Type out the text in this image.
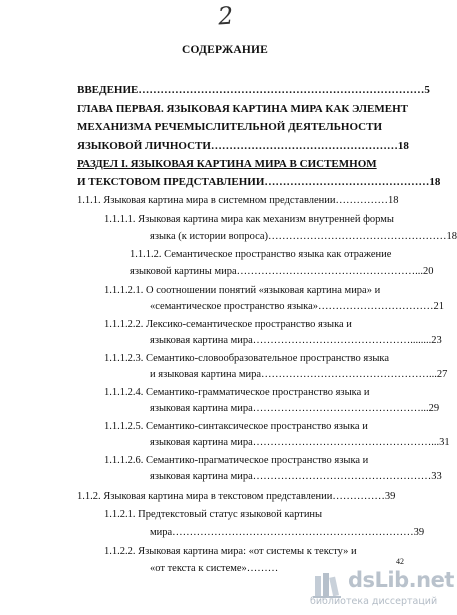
2
СОДЕРЖАНИЕ
ВВЕДЕНИЕ……………………………………………………………………5
ГЛАВА ПЕРВАЯ. ЯЗЫКОВАЯ КАРТИНА МИРА КАК ЭЛЕМЕНТ
МЕХАНИЗМА РЕЧЕМЫСЛИТЕЛЬНОЙ ДЕЯТЕЛЬНОСТИ
ЯЗЫКОВОЙ ЛИЧНОСТИ……………………………………………18
РАЗДЕЛ I. ЯЗЫКОВАЯ КАРТИНА МИРА В СИСТЕМНОМ
И ТЕКСТОВОМ ПРЕДСТАВЛЕНИИ………………………………………18
1.1.1. Языковая картина мира в системном представлении……………18
1.1.1.1. Языковая картина мира как механизм внутренней формы
языка (к истории вопроса)……………………………………………18
1.1.1.2. Семантическое пространство языка как отражение
языковой картины мира……………………………………………...20
1.1.1.2.1. О соотношении понятий «языковая картина мира» и
«семантическое пространство языка»……………………………21
1.1.1.2.2. Лексико-семантическое пространство языка и
языковая картина мира………………………………………........23
1.1.1.2.3. Семантико-словообразовательное пространство языка
и языковая картина мира…………………………………………...27
1.1.1.2.4. Семантико-грамматическое пространство языка и
языковая картина мира…………………………………………...29
1.1.1.2.5. Семантико-синтаксическое пространство языка и
языковая картина мира……………………………………………...31
1.1.1.2.6. Семантико-прагматическое пространство языка и
языковая картина мира……………………………………………33
1.1.2. Языковая картина мира в текстовом представлении……………39
1.1.2.1. Предтекстовый статус языковой картины
мира……………………………………………………………39
1.1.2.2. Языковая картина мира: «от системы к тексту» и
«от текста к системе»………
42
dsLib.net
библиотека диссертаций
